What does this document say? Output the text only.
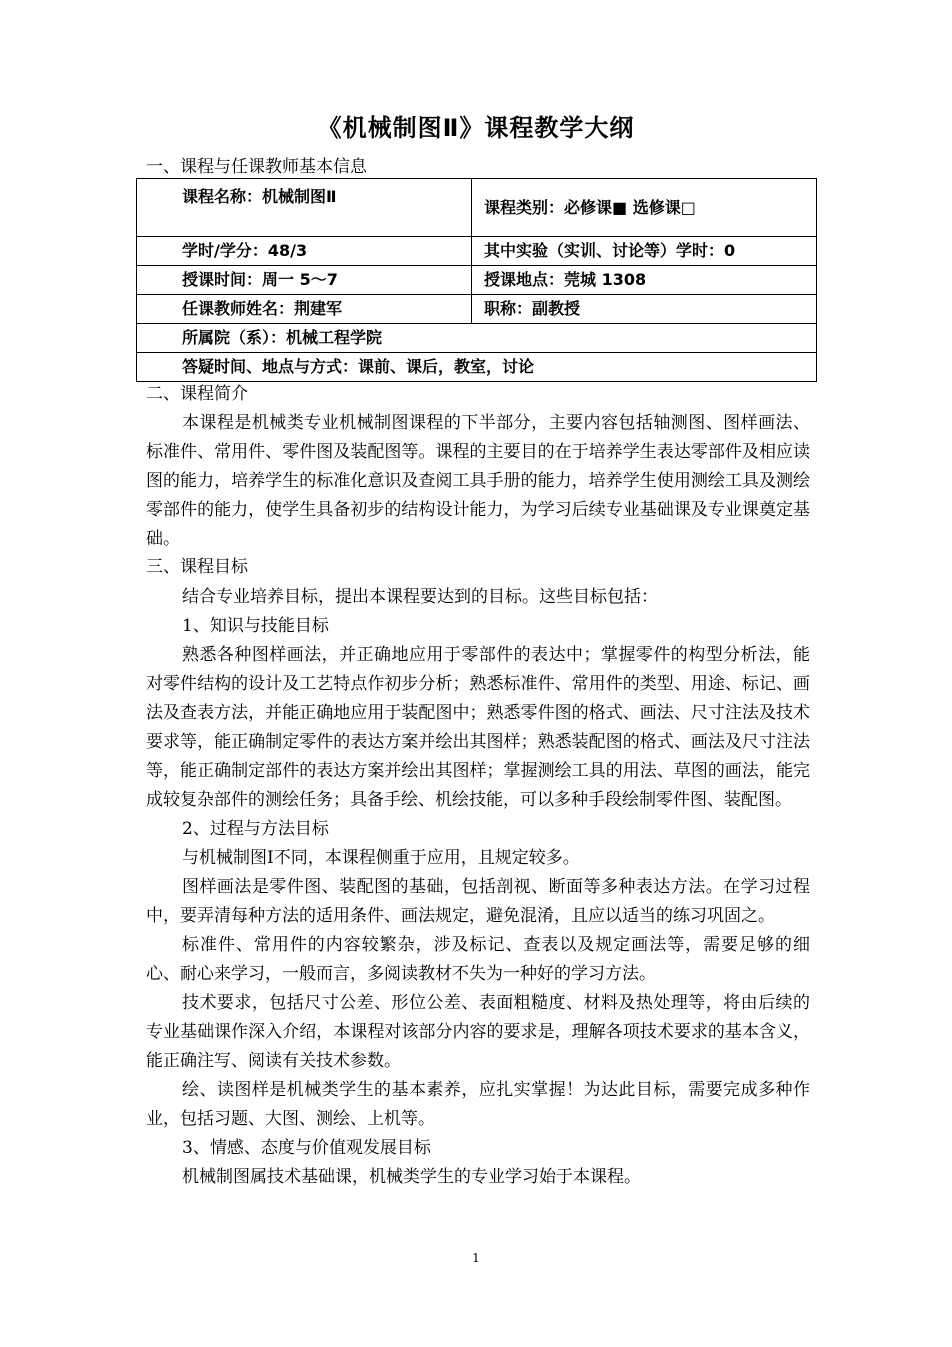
《机械制图Ⅱ》课程教学大纲
一、课程与任课教师基本信息
课程名称：机械制图Ⅱ	课程类别：必修课■ 选修课□
学时/学分：48/3	其中实验（实训、讨论等）学时：0
授课时间：周一 5～7	授课地点：莞城 1308
任课教师姓名：荆建军	职称：副教授
所属院（系）：机械工程学院	
答疑时间、地点与方式：课前、课后，教室，讨论	
二、课程简介

本课程是机械类专业机械制图课程的下半部分，主要内容包括轴测图、图样画法、标准件、常用件、零件图及装配图等。课程的主要目的在于培养学生表达零部件及相应读图的能力，培养学生的标准化意识及查阅工具手册的能力，培养学生使用测绘工具及测绘零部件的能力，使学生具备初步的结构设计能力，为学习后续专业基础课及专业课奠定基础。

三、课程目标

结合专业培养目标，提出本课程要达到的目标。这些目标包括：

1、知识与技能目标

熟悉各种图样画法，并正确地应用于零部件的表达中；掌握零件的构型分析法，能对零件结构的设计及工艺特点作初步分析；熟悉标准件、常用件的类型、用途、标记、画法及查表方法，并能正确地应用于装配图中；熟悉零件图的格式、画法、尺寸注法及技术要求等，能正确制定零件的表达方案并绘出其图样；熟悉装配图的格式、画法及尺寸注法等，能正确制定部件的表达方案并绘出其图样；掌握测绘工具的用法、草图的画法，能完成较复杂部件的测绘任务；具备手绘、机绘技能，可以多种手段绘制零件图、装配图。

2、过程与方法目标

与机械制图Ⅰ不同，本课程侧重于应用，且规定较多。

图样画法是零件图、装配图的基础，包括剖视、断面等多种表达方法。在学习过程中，要弄清每种方法的适用条件、画法规定，避免混淆，且应以适当的练习巩固之。

标准件、常用件的内容较繁杂，涉及标记、查表以及规定画法等，需要足够的细心、耐心来学习，一般而言，多阅读教材不失为一种好的学习方法。

技术要求，包括尺寸公差、形位公差、表面粗糙度、材料及热处理等，将由后续的专业基础课作深入介绍，本课程对该部分内容的要求是，理解各项技术要求的基本含义，能正确注写、阅读有关技术参数。

绘、读图样是机械类学生的基本素养，应扎实掌握！为达此目标，需要完成多种作业，包括习题、大图、测绘、上机等。

3、情感、态度与价值观发展目标

机械制图属技术基础课，机械类学生的专业学习始于本课程。

1
